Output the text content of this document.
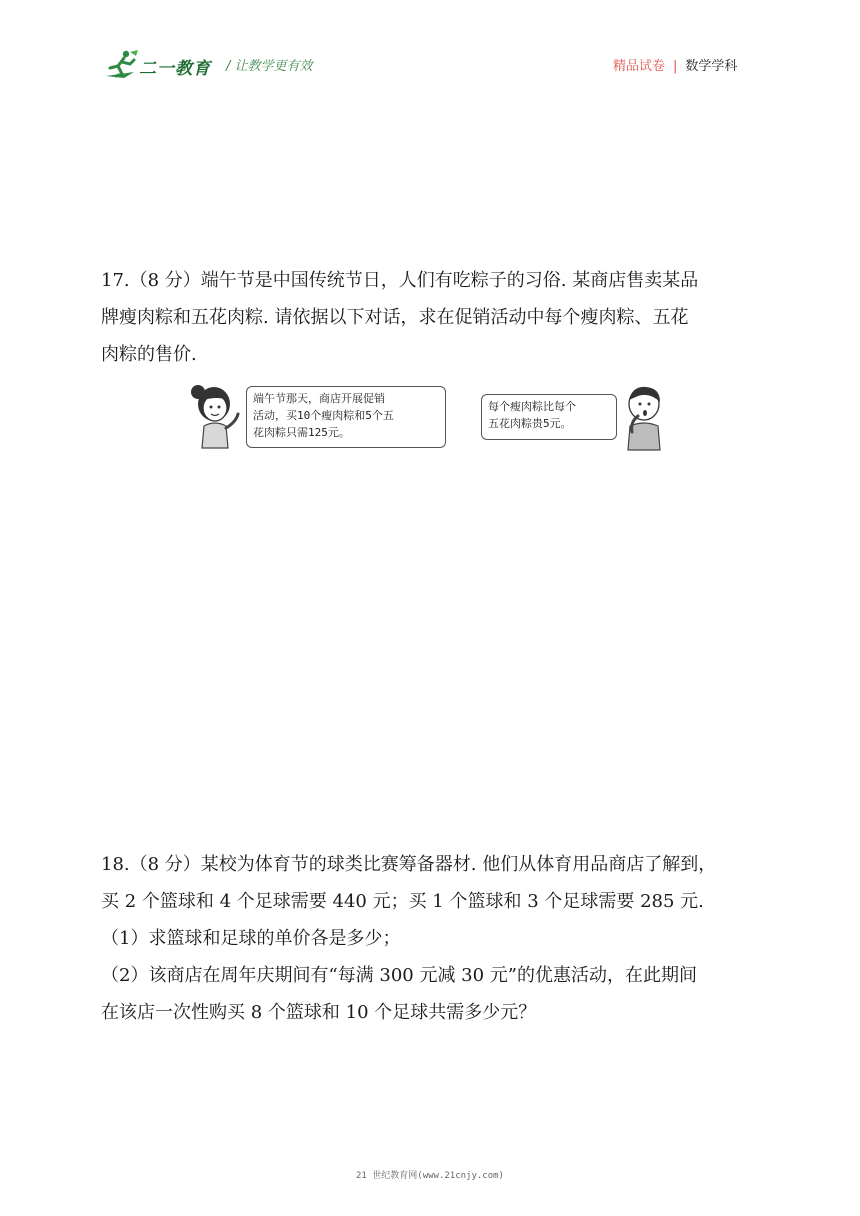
二一教育 / 让教学更有效	精品试卷 | 数学学科

17.（8 分）端午节是中国传统节日，人们有吃粽子的习俗. 某商店售卖某品

牌瘦肉粽和五花肉粽. 请依据以下对话，求在促销活动中每个瘦肉粽、五花

肉粽的售价.

端午节那天，商店开展促销
活动，买10个瘦肉粽和5个五
花肉粽只需125元。
每个瘦肉粽比每个
五花肉粽贵5元。

18.（8 分）某校为体育节的球类比赛筹备器材. 他们从体育用品商店了解到，

买 2 个篮球和 4 个足球需要 440 元；买 1 个篮球和 3 个足球需要 285 元.

（1）求篮球和足球的单价各是多少；

（2）该商店在周年庆期间有“每满 300 元减 30 元”的优惠活动，在此期间

在该店一次性购买 8 个篮球和 10 个足球共需多少元？

21 世纪教育网(www.21cnjy.com)
